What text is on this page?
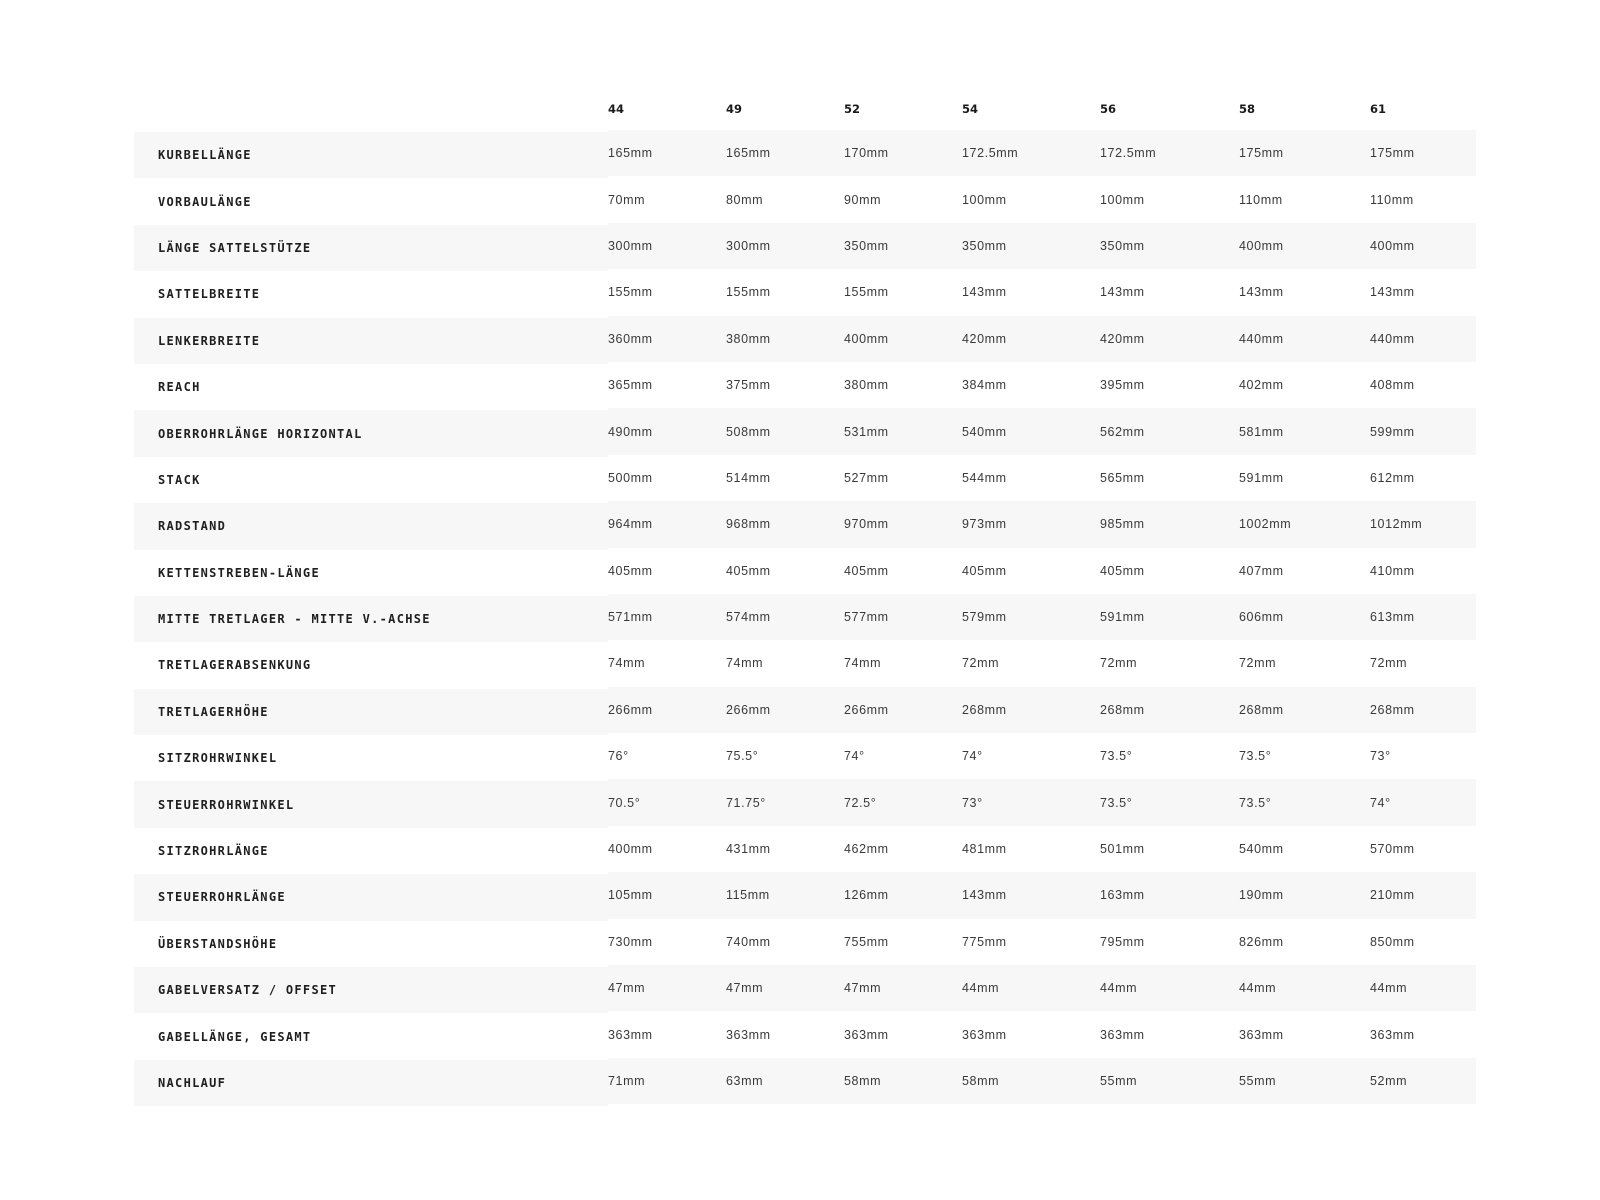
	44	49	52	54	56	58	61
KURBELLÄNGE	165mm	165mm	170mm	172.5mm	172.5mm	175mm	175mm
VORBAULÄNGE	70mm	80mm	90mm	100mm	100mm	110mm	110mm
LÄNGE SATTELSTÜTZE	300mm	300mm	350mm	350mm	350mm	400mm	400mm
SATTELBREITE	155mm	155mm	155mm	143mm	143mm	143mm	143mm
LENKERBREITE	360mm	380mm	400mm	420mm	420mm	440mm	440mm
REACH	365mm	375mm	380mm	384mm	395mm	402mm	408mm
OBERROHRLÄNGE HORIZONTAL	490mm	508mm	531mm	540mm	562mm	581mm	599mm
STACK	500mm	514mm	527mm	544mm	565mm	591mm	612mm
RADSTAND	964mm	968mm	970mm	973mm	985mm	1002mm	1012mm
KETTENSTREBEN-LÄNGE	405mm	405mm	405mm	405mm	405mm	407mm	410mm
MITTE TRETLAGER - MITTE V.-ACHSE	571mm	574mm	577mm	579mm	591mm	606mm	613mm
TRETLAGERABSENKUNG	74mm	74mm	74mm	72mm	72mm	72mm	72mm
TRETLAGERHÖHE	266mm	266mm	266mm	268mm	268mm	268mm	268mm
SITZROHRWINKEL	76°	75.5°	74°	74°	73.5°	73.5°	73°
STEUERROHRWINKEL	70.5°	71.75°	72.5°	73°	73.5°	73.5°	74°
SITZROHRLÄNGE	400mm	431mm	462mm	481mm	501mm	540mm	570mm
STEUERROHRLÄNGE	105mm	115mm	126mm	143mm	163mm	190mm	210mm
ÜBERSTANDSHÖHE	730mm	740mm	755mm	775mm	795mm	826mm	850mm
GABELVERSATZ / OFFSET	47mm	47mm	47mm	44mm	44mm	44mm	44mm
GABELLÄNGE, GESAMT	363mm	363mm	363mm	363mm	363mm	363mm	363mm
NACHLAUF	71mm	63mm	58mm	58mm	55mm	55mm	52mm
